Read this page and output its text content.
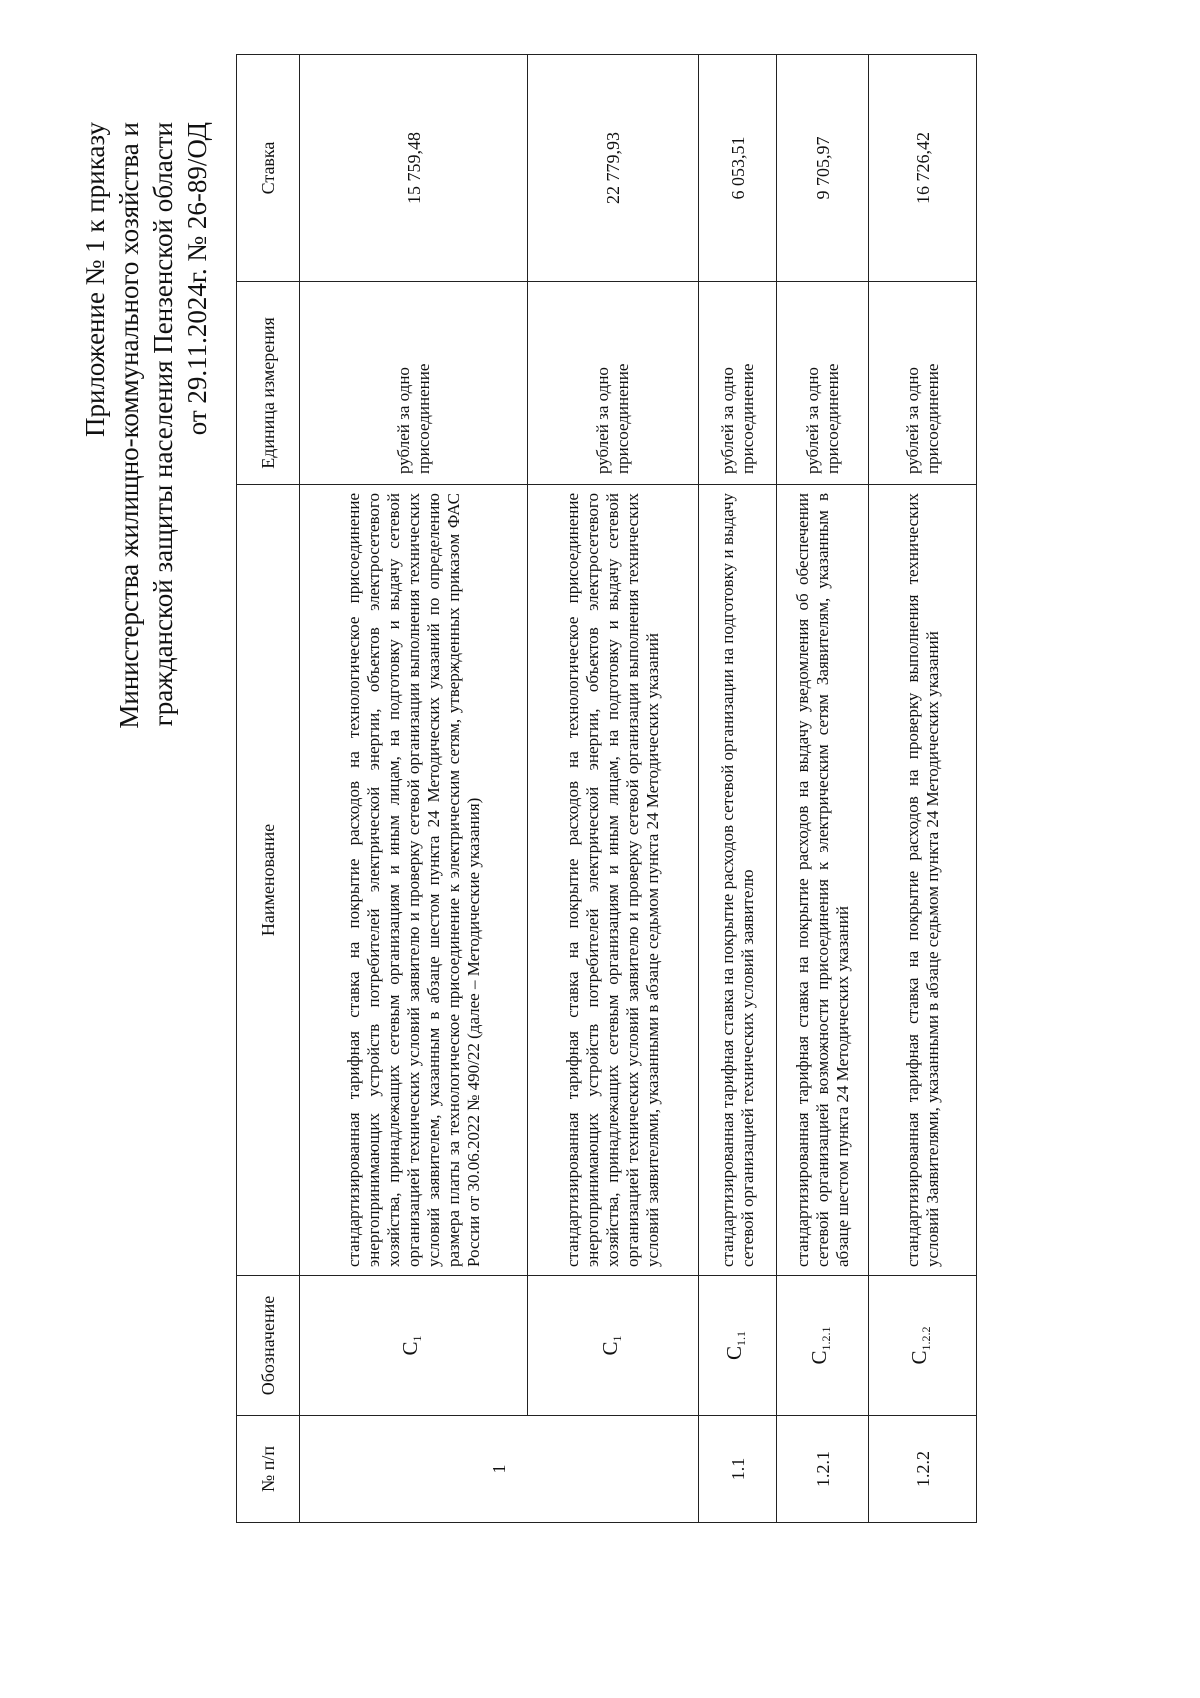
Приложение № 1 к приказу Министерства жилищно-коммунального хозяйства и гражданской защиты населения Пензенской области от 29.11.2024г. № 26-89/ОД
№ п/п	Обозначение	Наименование	Единица измерения	Ставка
1	$C_1$	стандартизированная тарифная ставка на покрытие расходов на технологическое присоединение энергопринимающих устройств потребителей электрической энергии, объектов электросетевого хозяйства, принадлежащих сетевым организациям и иным лицам, на подготовку и выдачу сетевой организацией технических условий заявителю и проверку сетевой организации выполнения технических условий заявителем, указанным в абзаце шестом пункта 24 Методических указаний по определению размера платы за технологическое присоединение к электрическим сетям, утвержденных приказом ФАС России от 30.06.2022 № 490/22 (далее – Методические указания)	рублей за одно присоединение	15 759,48
	$C_1$	стандартизированная тарифная ставка на покрытие расходов на технологическое присоединение энергопринимающих устройств потребителей электрической энергии, объектов электросетевого хозяйства, принадлежащих сетевым организациям и иным лицам, на подготовку и выдачу сетевой организацией технических условий заявителю и проверку сетевой организации выполнения технических условий заявителями, указанными в абзаце седьмом пункта 24 Методических указаний	рублей за одно присоединение	22 779,93
1.1	$C_{1.1}$	стандартизированная тарифная ставка на покрытие расходов сетевой организации на подготовку и выдачу сетевой организацией технических условий заявителю	рублей за одно присоединение	6 053,51
1.2.1	$C_{1.2.1}$	стандартизированная тарифная ставка на покрытие расходов на выдачу уведомления об обеспечении сетевой организацией возможности присоединения к электрическим сетям Заявителям, указанным в абзаце шестом пункта 24 Методических указаний	рублей за одно присоединение	9 705,97
1.2.2	$C_{1.2.2}$	стандартизированная тарифная ставка на покрытие расходов на проверку выполнения технических условий Заявителями, указанными в абзаце седьмом пункта 24 Методических указаний	рублей за одно присоединение	16 726,42
